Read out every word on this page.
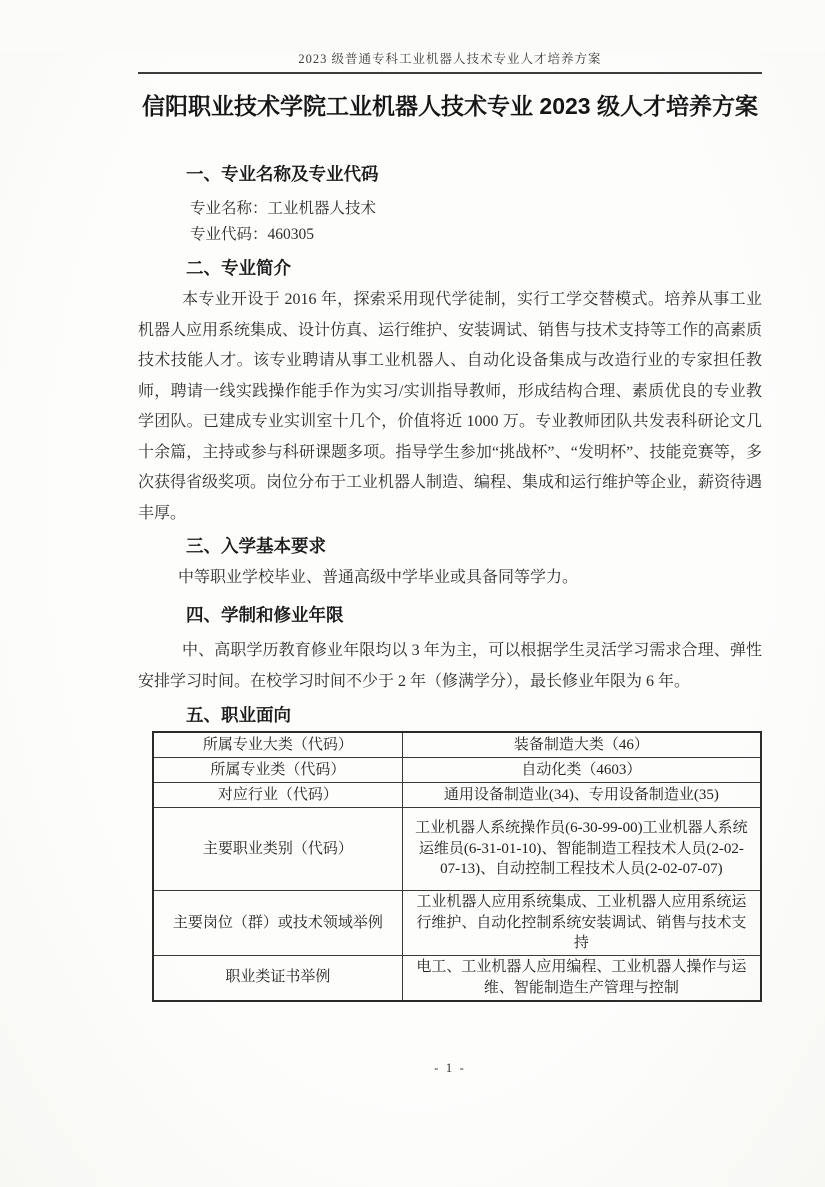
2023 级普通专科工业机器人技术专业人才培养方案
信阳职业技术学院工业机器人技术专业 2023 级人才培养方案
一、专业名称及专业代码

专业名称：工业机器人技术

专业代码：460305

二、专业简介

本专业开设于 2016 年，探索采用现代学徒制，实行工学交替模式。培养从事工业机器人应用系统集成、设计仿真、运行维护、安装调试、销售与技术支持等工作的高素质技术技能人才。该专业聘请从事工业机器人、自动化设备集成与改造行业的专家担任教师，聘请一线实践操作能手作为实习/实训指导教师，形成结构合理、素质优良的专业教学团队。已建成专业实训室十几个，价值将近 1000 万。专业教师团队共发表科研论文几十余篇，主持或参与科研课题多项。指导学生参加“挑战杯”、“发明杯”、技能竞赛等，多次获得省级奖项。岗位分布于工业机器人制造、编程、集成和运行维护等企业，薪资待遇丰厚。

三、入学基本要求

中等职业学校毕业、普通高级中学毕业或具备同等学力。

四、学制和修业年限

中、高职学历教育修业年限均以 3 年为主，可以根据学生灵活学习需求合理、弹性安排学习时间。在校学习时间不少于 2 年（修满学分），最长修业年限为 6 年。

五、职业面向
所属专业大类（代码）	装备制造大类（46）
所属专业类（代码）	自动化类（4603）
对应行业（代码）	通用设备制造业(34)、专用设备制造业(35)
主要职业类别（代码）	工业机器人系统操作员(6-30-99-00)工业机器人系统运维员(6-31-01-10)、智能制造工程技术人员(2-02-07-13)、自动控制工程技术人员(2-02-07-07)
主要岗位（群）或技术领域举例	工业机器人应用系统集成、工业机器人应用系统运行维护、自动化控制系统安装调试、销售与技术支持
职业类证书举例	电工、工业机器人应用编程、工业机器人操作与运维、智能制造生产管理与控制
- 1 -
